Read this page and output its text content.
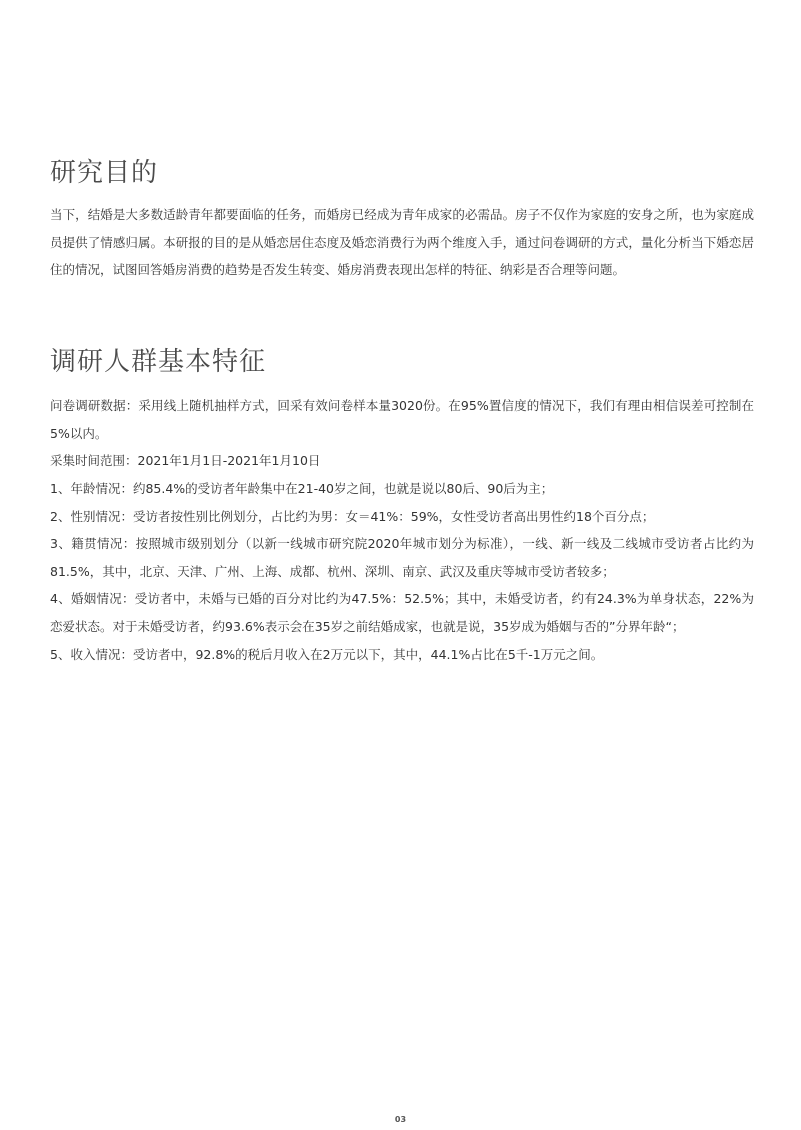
研究目的

当下，结婚是大多数适龄青年都要面临的任务，而婚房已经成为青年成家的必需品。房子不仅作为家庭的安身之所，也为家庭成员提供了情感归属。本研报的目的是从婚恋居住态度及婚恋消费行为两个维度入手，通过问卷调研的方式，量化分析当下婚恋居住的情况，试图回答婚房消费的趋势是否发生转变、婚房消费表现出怎样的特征、纳彩是否合理等问题。

调研人群基本特征

问卷调研数据：采用线上随机抽样方式，回采有效问卷样本量3020份。在95%置信度的情况下，我们有理由相信误差可控制在5%以内。

采集时间范围：2021年1月1日-2021年1月10日

1、年龄情况：约85.4%的受访者年龄集中在21-40岁之间，也就是说以80后、90后为主；

2、性别情况：受访者按性别比例划分，占比约为男：女＝41%：59%，女性受访者高出男性约18个百分点；

3、籍贯情况：按照城市级别划分（以新一线城市研究院2020年城市划分为标准），一线、新一线及二线城市受访者占比约为81.5%，其中，北京、天津、广州、上海、成都、杭州、深圳、南京、武汉及重庆等城市受访者较多；

4、婚姻情况：受访者中，未婚与已婚的百分对比约为47.5%：52.5%；其中，未婚受访者，约有24.3%为单身状态，22%为恋爱状态。对于未婚受访者，约93.6%表示会在35岁之前结婚成家，也就是说，35岁成为婚姻与否的”分界年龄“；

5、收入情况：受访者中，92.8%的税后月收入在2万元以下，其中，44.1%占比在5千-1万元之间。

03
